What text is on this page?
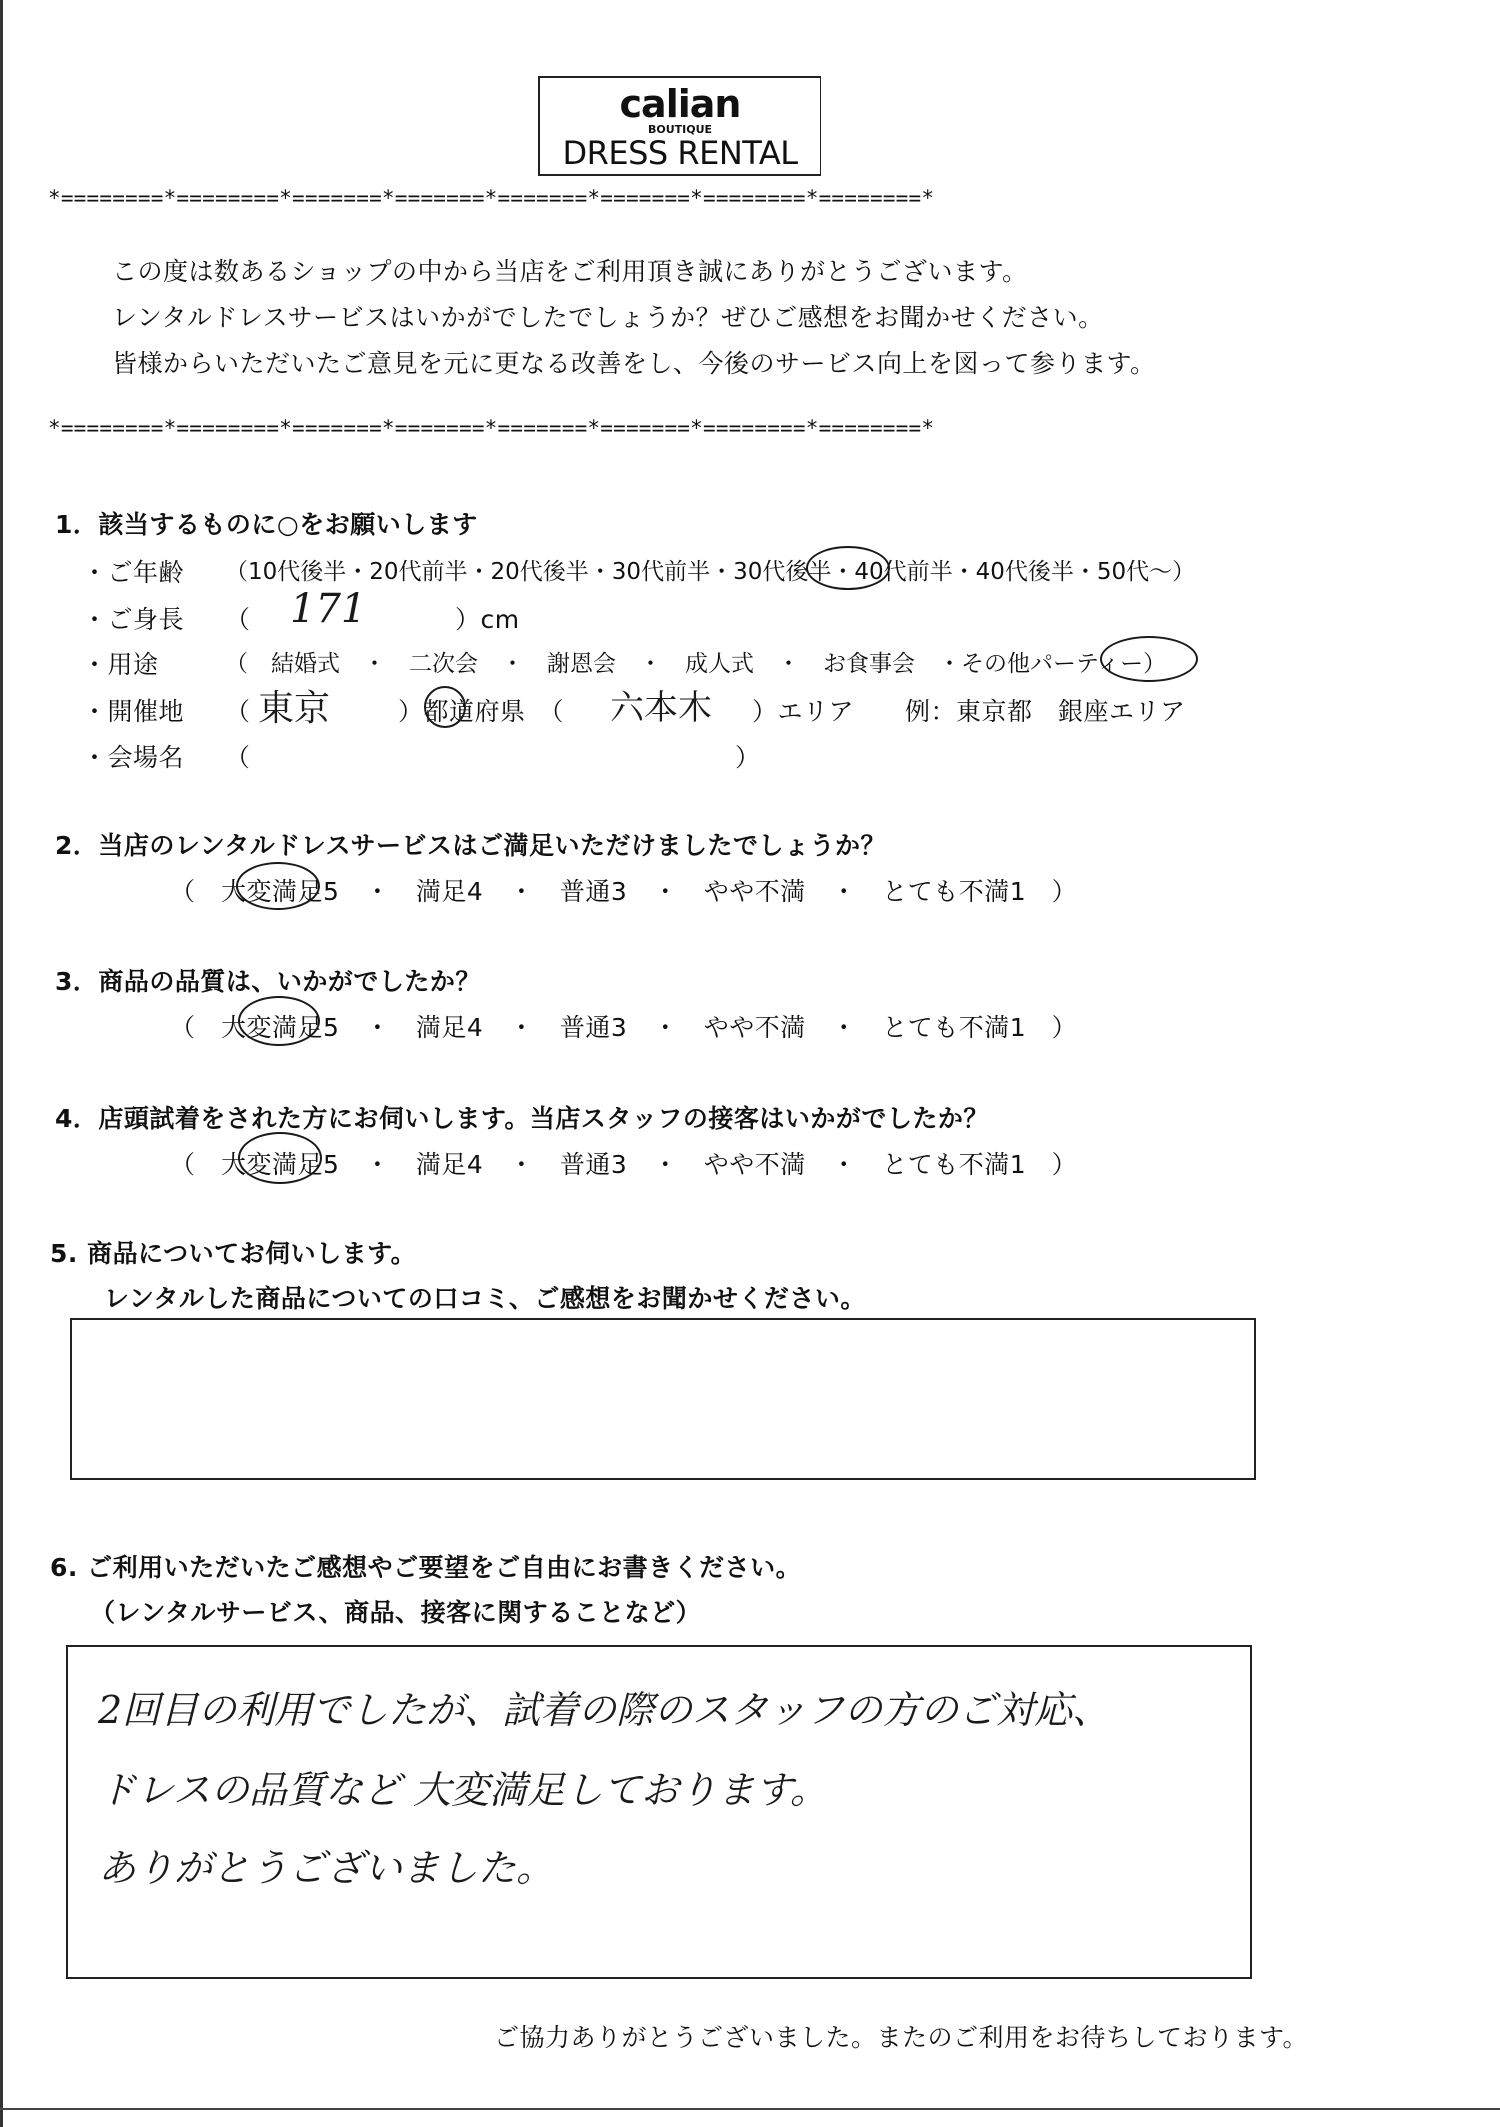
calian
BOUTIQUE
DRESS RENTAL
*========*========*=======*=======*=======*=======*========*========*
この度は数あるショップの中から当店をご利用頂き誠にありがとうございます。
レンタルドレスサービスはいかがでしたでしょうか？ぜひご感想をお聞かせください。
皆様からいただいたご意見を元に更なる改善をし、今後のサービス向上を図って参ります。
*========*========*=======*=======*=======*=======*========*========*
1．該当するものに○をお願いします
・ご年齢 （10代後半・20代前半・20代後半・30代前半・30代後半・40代前半・40代後半・50代～）
・ご身長 （ 171	）cm
・用途	（　結婚式　・　二次会　・　謝恩会　・　成人式　・　お食事会　・その他パーティー）
・開催地 （ 東京	）都道府県　（ 六本木 ）エリア　　例：東京都　銀座エリア
・会場名 （　　　　　　　　　　　　　　　　　　　）
2．当店のレンタルドレスサービスはご満足いただけましたでしょうか？
（　大変満足5　・　満足4　・　普通3　・　やや不満　・　とても不満1　）
3．商品の品質は、いかがでしたか？
（　大変満足5　・　満足4　・　普通3　・　やや不満　・　とても不満1　）
4．店頭試着をされた方にお伺いします。当店スタッフの接客はいかがでしたか？
（　大変満足5　・　満足4　・　普通3　・　やや不満　・　とても不満1　）
5. 商品についてお伺いします。
レンタルした商品についての口コミ、ご感想をお聞かせください。
6. ご利用いただいたご感想やご要望をご自由にお書きください。
（レンタルサービス、商品、接客に関することなど）
2回目の利用でしたが、試着の際のスタッフの方のご対応、
ドレスの品質など 大変満足しております。
ありがとうございました。
ご協力ありがとうございました。またのご利用をお待ちしております。
